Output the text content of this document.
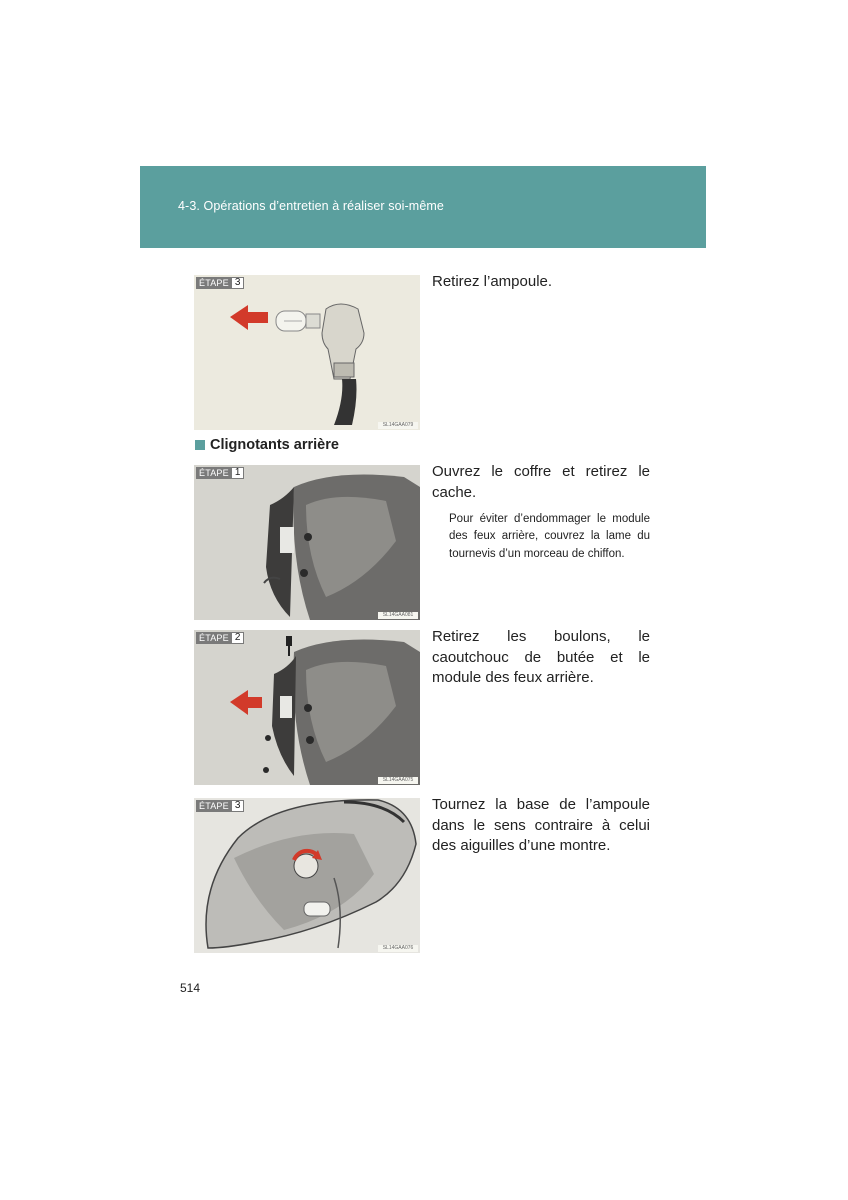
4-3. Opérations d’entretien à réaliser soi-même
ÉTAPE 3
SL14GAA079
Retirez l’ampoule.
Clignotants arrière
ÉTAPE 1
SL14GAA081
Ouvrez le coffre et retirez le cache.
Pour éviter d’endommager le module des feux arrière, couvrez la lame du tournevis d’un morceau de chiffon.
ÉTAPE 2
SL14GAA075
Retirez les boulons, le caoutchouc de butée et le module des feux arrière.
ÉTAPE 3
SL14GAA076
Tournez la base de l’ampoule dans le sens contraire à celui des aiguilles d’une montre.
514
